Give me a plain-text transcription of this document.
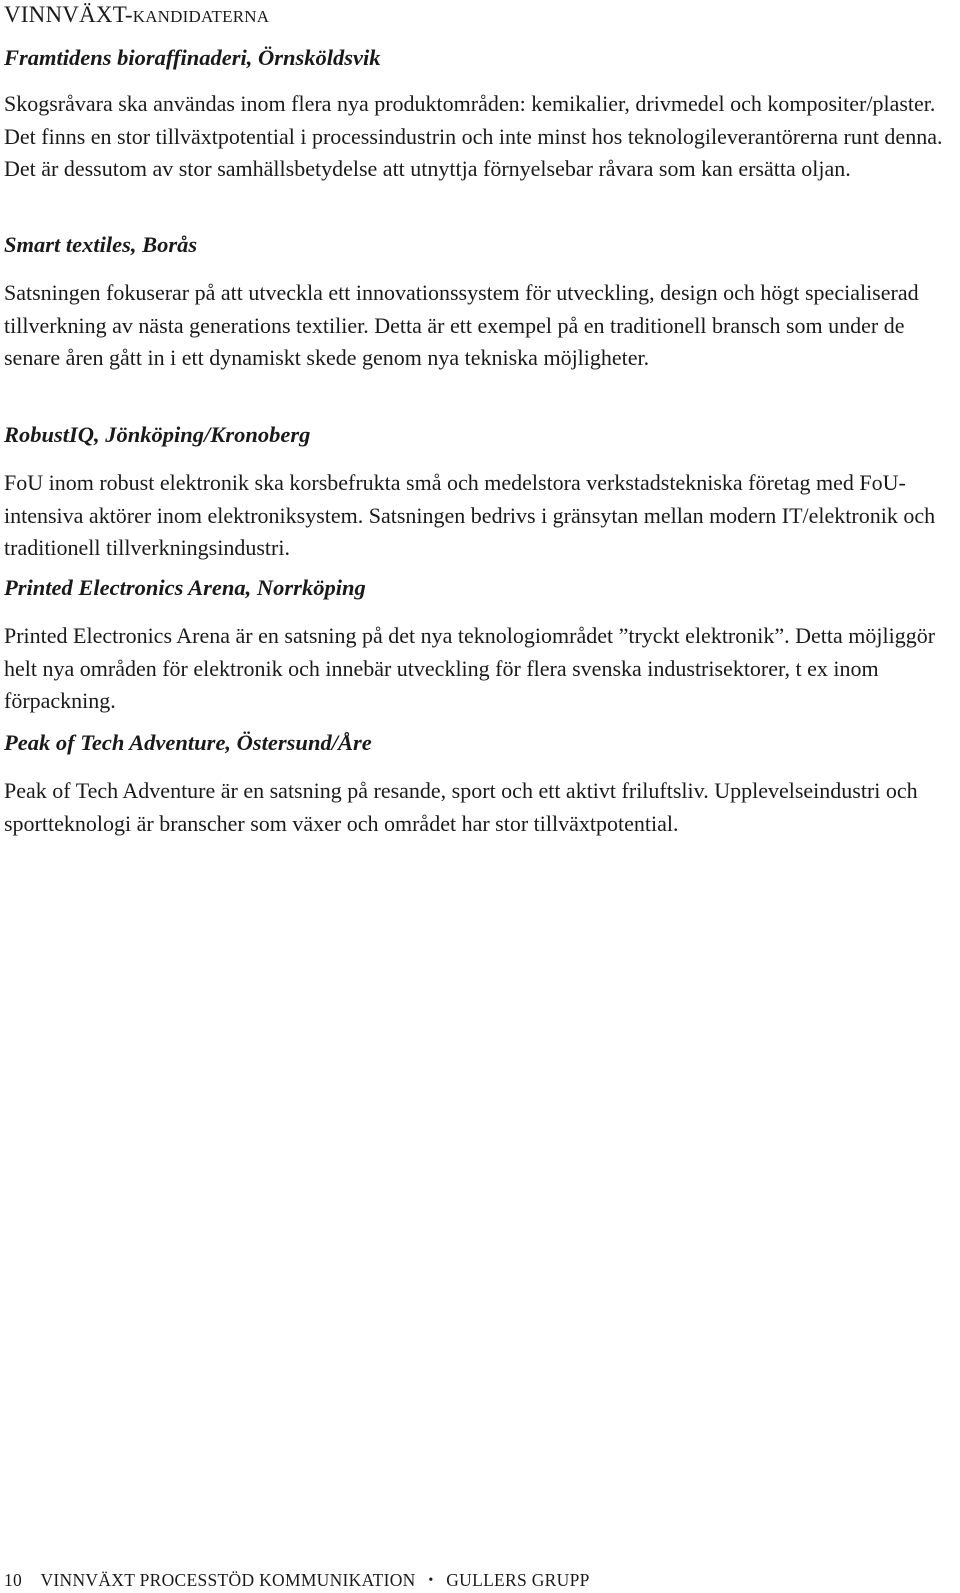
VINNVÄXT-KANDIDATERNA
Framtidens bioraffinaderi, Örnsköldsvik

Skogsråvara ska användas inom flera nya produktområden: kemikalier, drivmedel och kompositer/plaster. Det finns en stor tillväxtpotential i processindustrin och inte minst hos teknologileverantörerna runt denna. Det är dessutom av stor samhällsbetydelse att utnyttja förnyelsebar råvara som kan ersätta oljan.

Smart textiles, Borås

Satsningen fokuserar på att utveckla ett innovationssystem för utveckling, design och högt specialiserad tillverkning av nästa generations textilier. Detta är ett exempel på en traditionell bransch som under de senare åren gått in i ett dynamiskt skede genom nya tekniska möjligheter.

RobustIQ, Jönköping/Kronoberg

FoU inom robust elektronik ska korsbefrukta små och medelstora verkstadstekniska företag med FoU-intensiva aktörer inom elektroniksystem. Satsningen bedrivs i gränsytan mellan modern IT/elektronik och traditionell tillverkningsindustri.

Printed Electronics Arena, Norrköping

Printed Electronics Arena är en satsning på det nya teknologiområdet ”tryckt elektronik”. Detta möjliggör helt nya områden för elektronik och innebär utveckling för flera svenska industrisektorer, t ex inom förpackning.

Peak of Tech Adventure, Östersund/Åre

Peak of Tech Adventure är en satsning på resande, sport och ett aktivt friluftsliv. Upplevelseindustri och sportteknologi är branscher som växer och området har stor tillväxtpotential.

10 VINNVÄXT PROCESSTÖD KOMMUNIKATION • GULLERS GRUPP
